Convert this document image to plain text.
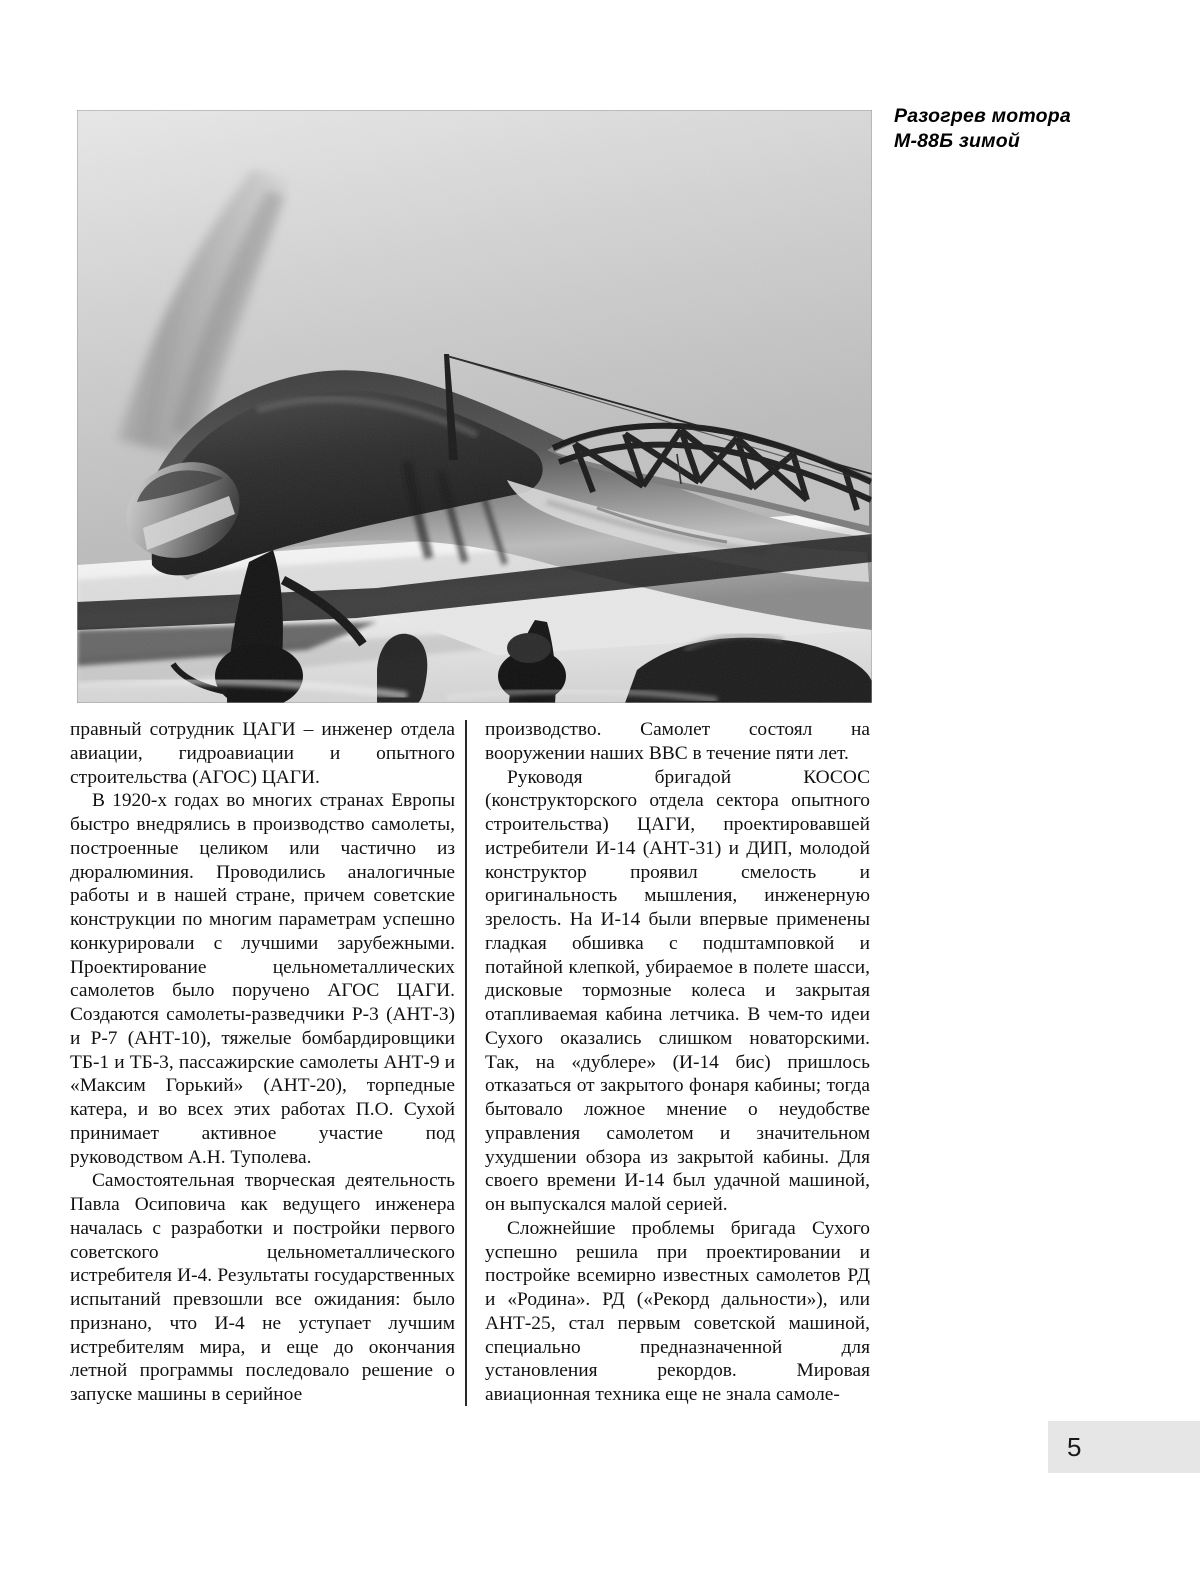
Разогрев мотора
М-88Б зимой

правный сотрудник ЦАГИ – инженер отдела авиации, гидроавиации и опытного строительства (АГОС) ЦАГИ.

В 1920-х годах во многих странах Европы быстро внедрялись в производство самолеты, построенные целиком или частично из дюралюминия. Проводились аналогичные работы и в нашей стране, причем советские конструкции по многим параметрам успешно конкурировали с лучшими зарубежными. Проектирование цельнометаллических самолетов было поручено АГОС ЦАГИ. Создаются самолеты-разведчики Р-3 (АНТ-3) и Р-7 (АНТ-10), тяжелые бомбардировщики ТБ-1 и ТБ-3, пассажирские самолеты АНТ-9 и «Максим Горький» (АНТ-20), торпедные катера, и во всех этих работах П.О. Сухой принимает активное участие под руководством А.Н. Туполева.

Самостоятельная творческая деятельность Павла Осиповича как ведущего инженера началась с разработки и постройки первого советского цельнометаллического истребителя И-4. Результаты государственных испытаний превзошли все ожидания: было признано, что И-4 не уступает лучшим истребителям мира, и еще до окончания летной программы последовало решение о запуске машины в серийное

производство. Самолет состоял на вооружении наших ВВС в течение пяти лет.

Руководя бригадой КОСОС (конструкторского отдела сектора опытного строительства) ЦАГИ, проектировавшей истребители И-14 (АНТ-31) и ДИП, молодой конструктор проявил смелость и оригинальность мышления, инженерную зрелость. На И-14 были впервые применены гладкая обшивка с подштамповкой и потайной клепкой, убираемое в полете шасси, дисковые тормозные колеса и закрытая отапливаемая кабина летчика. В чем-то идеи Сухого оказались слишком новаторскими. Так, на «дублере» (И-14 бис) пришлось отказаться от закрытого фонаря кабины; тогда бытовало ложное мнение о неудобстве управления самолетом и значительном ухудшении обзора из закрытой кабины. Для своего времени И-14 был удачной машиной, он выпускался малой серией.

Сложнейшие проблемы бригада Сухого успешно решила при проектировании и постройке всемирно известных самолетов РД и «Родина». РД («Рекорд дальности»), или АНТ-25, стал первым советской машиной, специально предназначенной для установления рекордов. Мировая авиационная техника еще не знала самоле-

5
